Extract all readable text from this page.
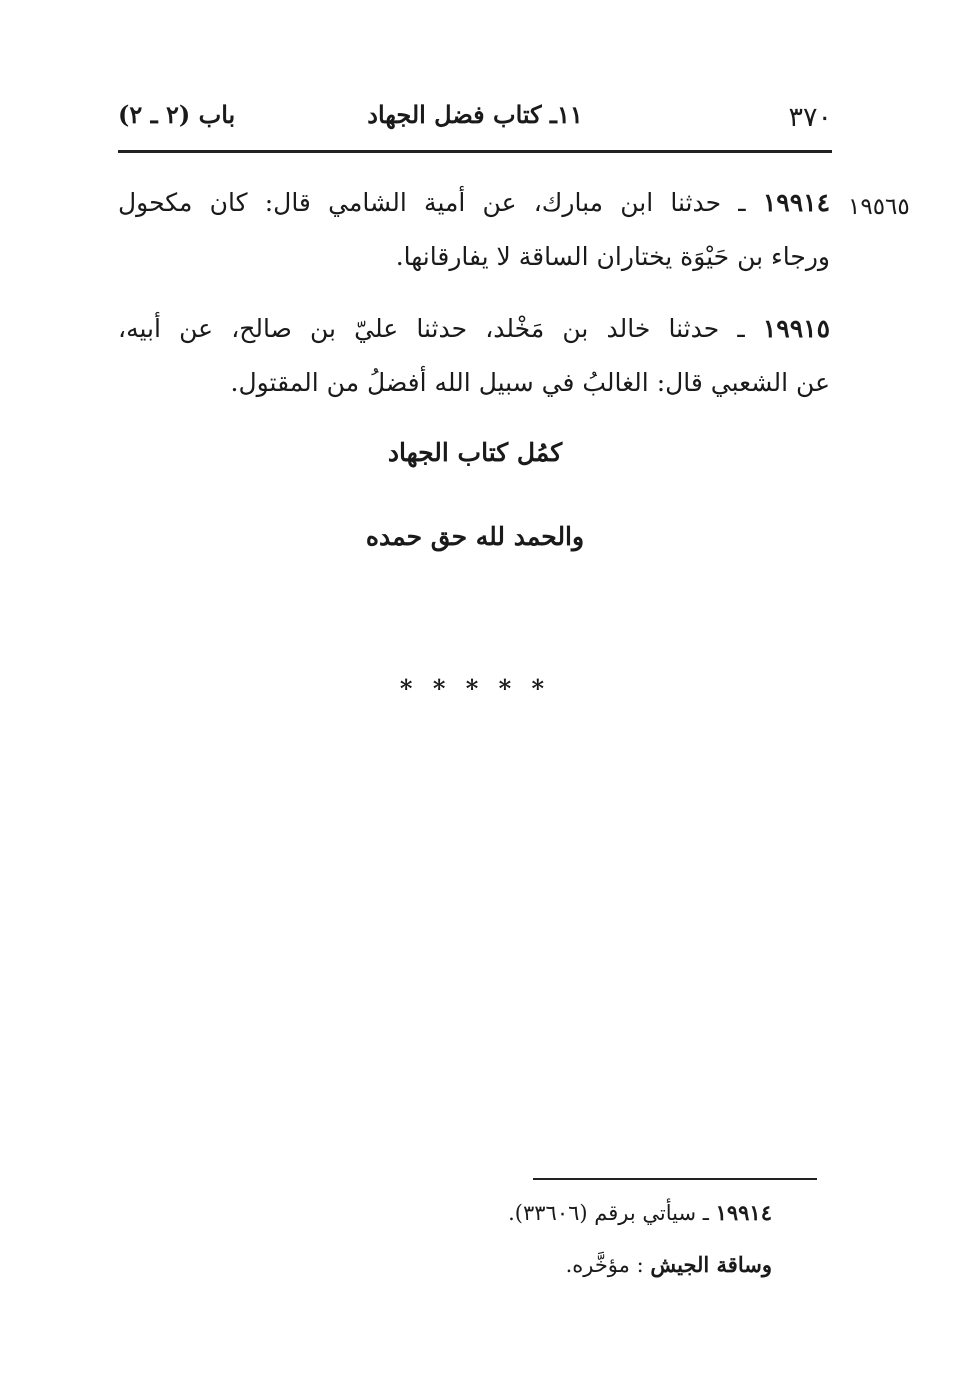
٣٧٠
١١ـ كتاب فضل الجهاد
باب (٢ ـ ٢)
١٩٥٦٥
١٩٩١٤ ـ حدثنا ابن مبارك، عن أمية الشامي قال: كان مكحول
ورجاء بن حَيْوَة يختاران الساقة لا يفارقانها.
١٩٩١٥ ـ حدثنا خالد بن مَخْلد، حدثنا عليّ بن صالح، عن أبيه،
عن الشعبي قال: الغالبُ في سبيل الله أفضلُ من المقتول.
كمُل كتاب الجهاد
والحمد لله حق حمده
* * * * *
١٩٩١٤ ـ سيأتي برقم (٣٣٦٠٦).
وساقة الجيش : مؤخَّره.
